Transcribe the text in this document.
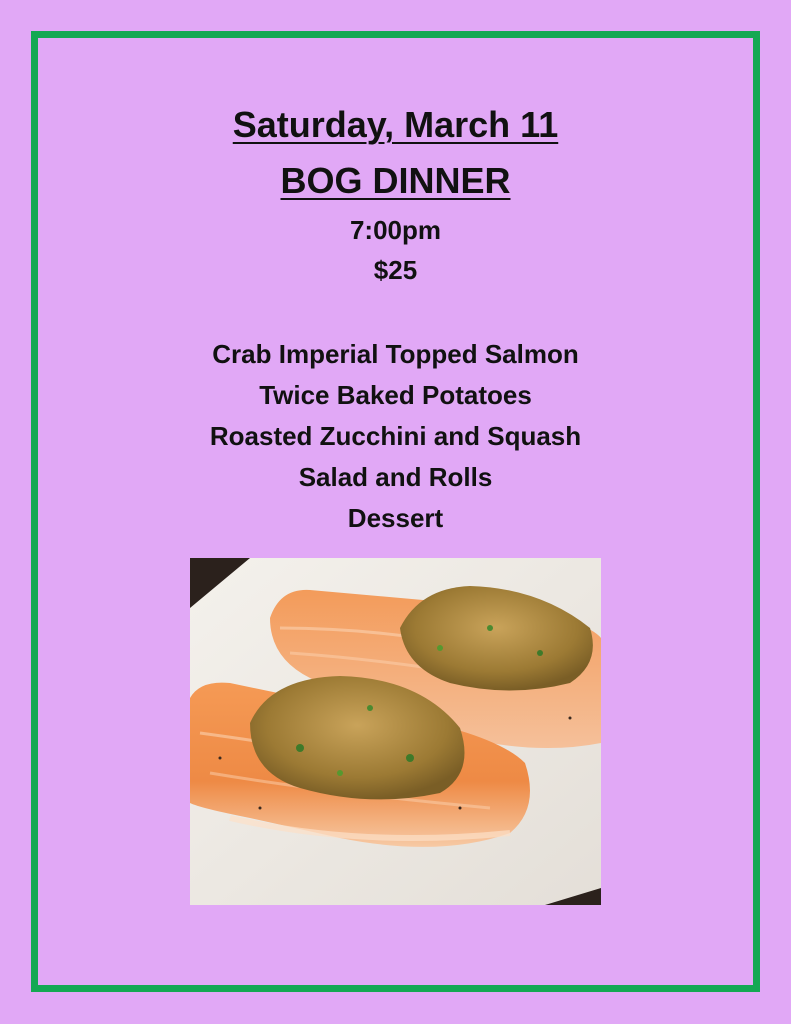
Saturday, March 11
BOG DINNER
7:00pm
$25
Crab Imperial Topped Salmon
Twice Baked Potatoes
Roasted Zucchini and Squash
Salad and Rolls
Dessert
